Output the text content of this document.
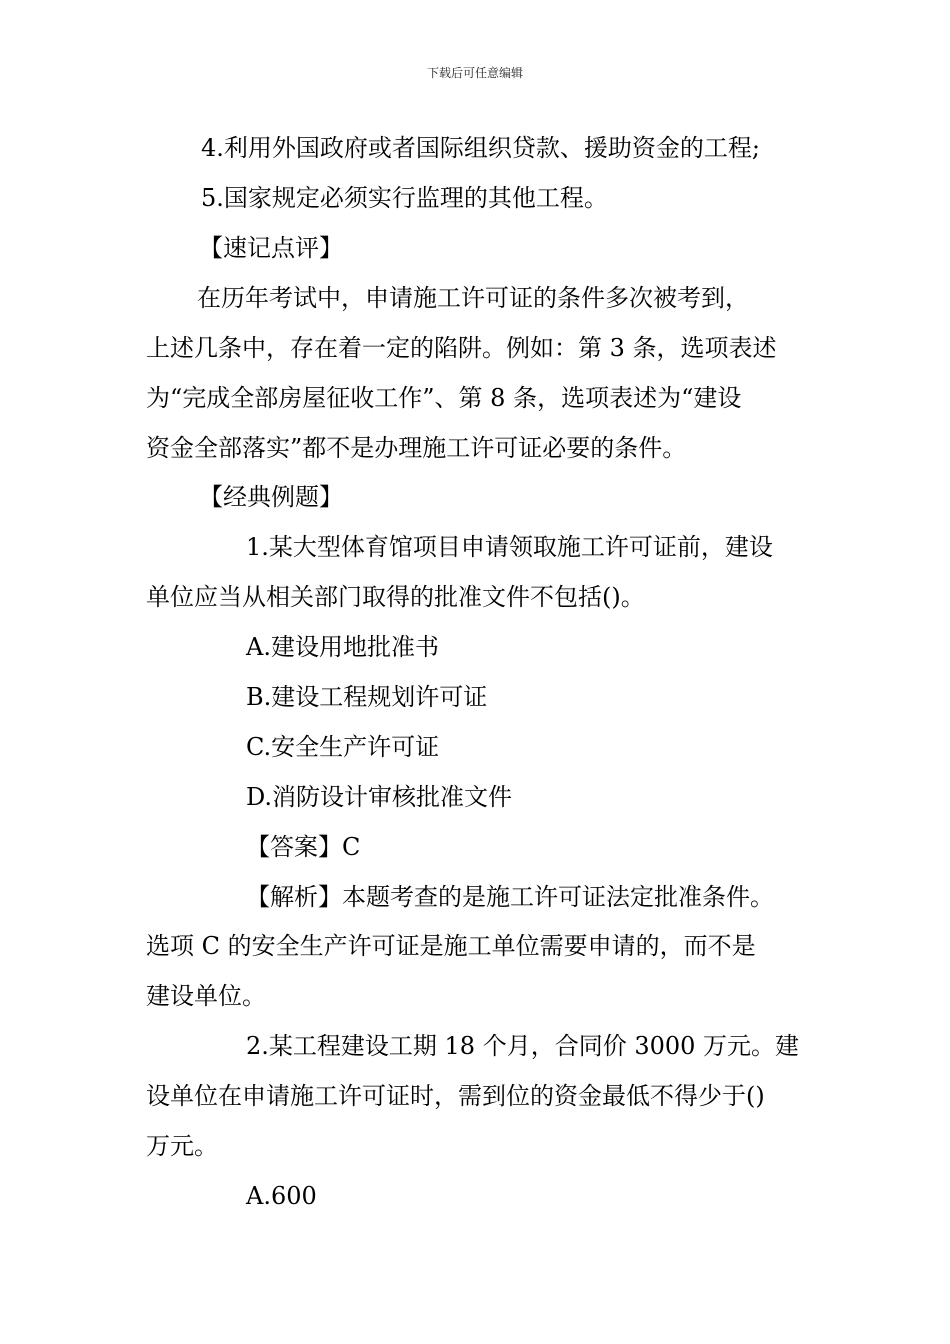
下载后可任意编辑
4.利用外国政府或者国际组织贷款、援助资金的工程;
5.国家规定必须实行监理的其他工程。
【速记点评】
在历年考试中，申请施工许可证的条件多次被考到，
上述几条中，存在着一定的陷阱。例如：第 3 条，选项表述
为“完成全部房屋征收工作”、第 8 条，选项表述为“建设
资金全部落实”都不是办理施工许可证必要的条件。
【经典例题】
1.某大型体育馆项目申请领取施工许可证前，建设
单位应当从相关部门取得的批准文件不包括()。
A.建设用地批准书
B.建设工程规划许可证
C.安全生产许可证
D.消防设计审核批准文件
【答案】C
【解析】本题考查的是施工许可证法定批准条件。
选项 C 的安全生产许可证是施工单位需要申请的，而不是
建设单位。
2.某工程建设工期 18 个月，合同价 3000 万元。建
设单位在申请施工许可证时，需到位的资金最低不得少于()
万元。
A.600
